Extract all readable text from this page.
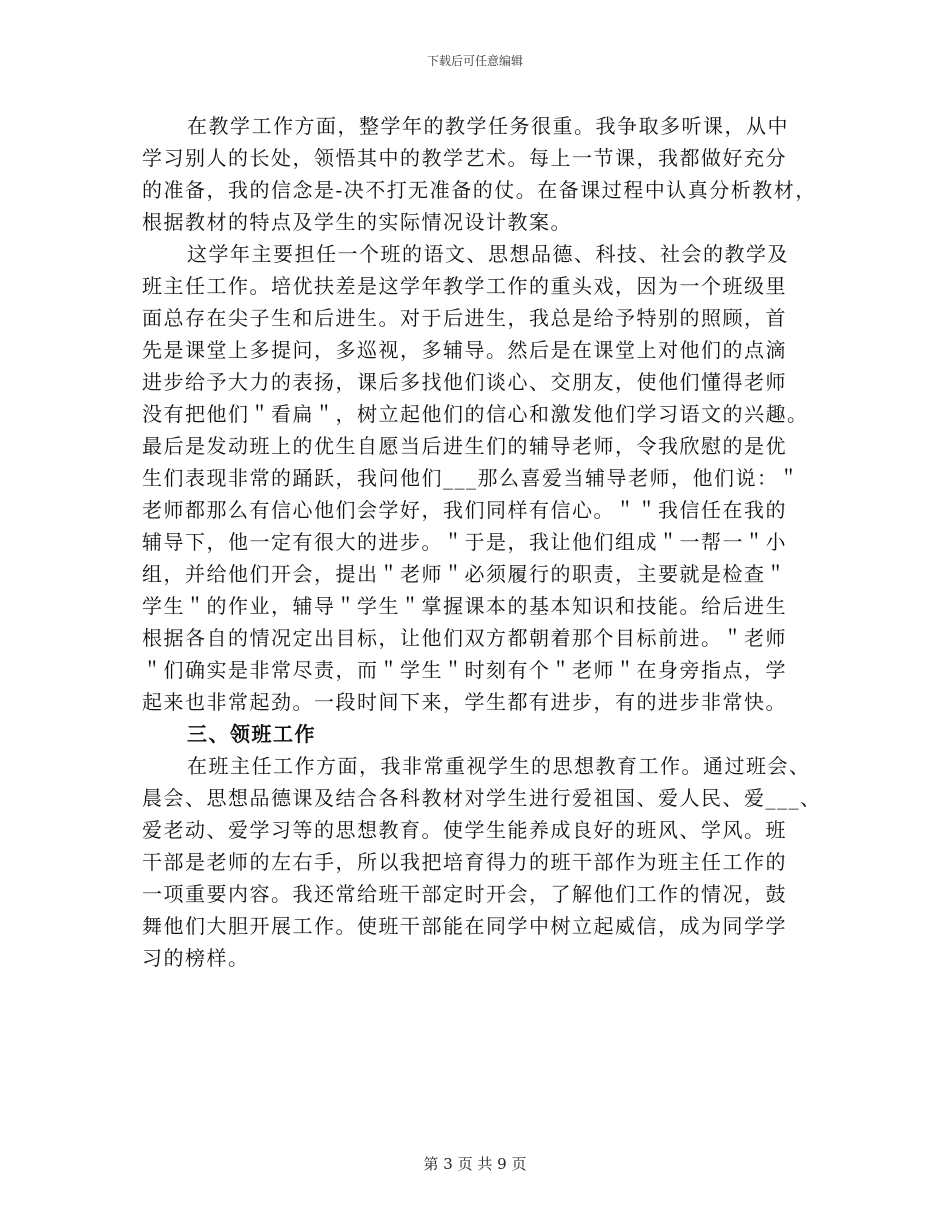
下载后可任意编辑
在教学工作方面，整学年的教学任务很重。我争取多听课，从中
学习别人的长处，领悟其中的教学艺术。每上一节课，我都做好充分
的准备，我的信念是-决不打无准备的仗。在备课过程中认真分析教材，
根据教材的特点及学生的实际情况设计教案。
这学年主要担任一个班的语文、思想品德、科技、社会的教学及
班主任工作。培优扶差是这学年教学工作的重头戏，因为一个班级里
面总存在尖子生和后进生。对于后进生，我总是给予特别的照顾，首
先是课堂上多提问，多巡视，多辅导。然后是在课堂上对他们的点滴
进步给予大力的表扬，课后多找他们谈心、交朋友，使他们懂得老师
没有把他们＂看扁＂，树立起他们的信心和激发他们学习语文的兴趣。
最后是发动班上的优生自愿当后进生们的辅导老师，令我欣慰的是优
生们表现非常的踊跃，我问他们___那么喜爱当辅导老师，他们说：＂
老师都那么有信心他们会学好，我们同样有信心。＂＂我信任在我的
辅导下，他一定有很大的进步。＂于是，我让他们组成＂一帮一＂小
组，并给他们开会，提出＂老师＂必须履行的职责，主要就是检查＂
学生＂的作业，辅导＂学生＂掌握课本的基本知识和技能。给后进生
根据各自的情况定出目标，让他们双方都朝着那个目标前进。＂老师
＂们确实是非常尽责，而＂学生＂时刻有个＂老师＂在身旁指点，学
起来也非常起劲。一段时间下来，学生都有进步，有的进步非常快。
三、领班工作
在班主任工作方面，我非常重视学生的思想教育工作。通过班会、
晨会、思想品德课及结合各科教材对学生进行爱祖国、爱人民、爱___、
爱老动、爱学习等的思想教育。使学生能养成良好的班风、学风。班
干部是老师的左右手，所以我把培育得力的班干部作为班主任工作的
一项重要内容。我还常给班干部定时开会，了解他们工作的情况，鼓
舞他们大胆开展工作。使班干部能在同学中树立起威信，成为同学学
习的榜样。
第 3 页 共 9 页
